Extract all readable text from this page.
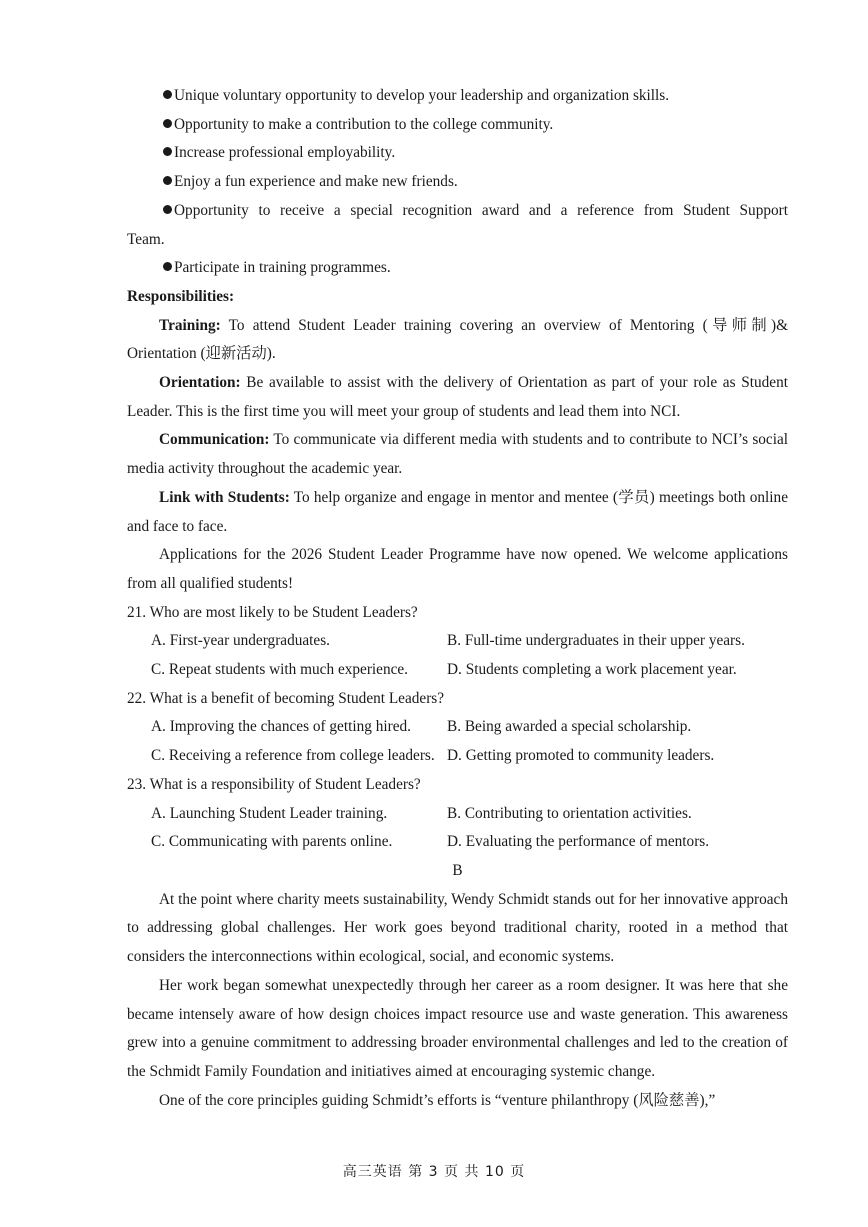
Unique voluntary opportunity to develop your leadership and organization skills.

Opportunity to make a contribution to the college community.

Increase professional employability.

Enjoy a fun experience and make new friends.

Opportunity to receive a special recognition award and a reference from Student Support

Team.

Participate in training programmes.

Responsibilities:

Training: To attend Student Leader training covering an overview of Mentoring (导师制)& Orientation (迎新活动).

Orientation: Be available to assist with the delivery of Orientation as part of your role as Student Leader. This is the first time you will meet your group of students and lead them into NCI.

Communication: To communicate via different media with students and to contribute to NCI’s social media activity throughout the academic year.

Link with Students: To help organize and engage in mentor and mentee (学员) meetings both online and face to face.

Applications for the 2026 Student Leader Programme have now opened. We welcome applications from all qualified students!

21. Who are most likely to be Student Leaders?

A. First-year undergraduates.	B. Full-time undergraduates in their upper years.
C. Repeat students with much experience.	D. Students completing a work placement year.

22. What is a benefit of becoming Student Leaders?

A. Improving the chances of getting hired.	B. Being awarded a special scholarship.
C. Receiving a reference from college leaders. D. Getting promoted to community leaders.

23. What is a responsibility of Student Leaders?

A. Launching Student Leader training.	B. Contributing to orientation activities.
C. Communicating with parents online.	D. Evaluating the performance of mentors.

B

At the point where charity meets sustainability, Wendy Schmidt stands out for her innovative approach to addressing global challenges. Her work goes beyond traditional charity, rooted in a method that considers the interconnections within ecological, social, and economic systems.

Her work began somewhat unexpectedly through her career as a room designer. It was here that she became intensely aware of how design choices impact resource use and waste generation. This awareness grew into a genuine commitment to addressing broader environmental challenges and led to the creation of the Schmidt Family Foundation and initiatives aimed at encouraging systemic change.

One of the core principles guiding Schmidt’s efforts is “venture philanthropy (风险慈善),”

高三英语 第 3 页 共 10 页
